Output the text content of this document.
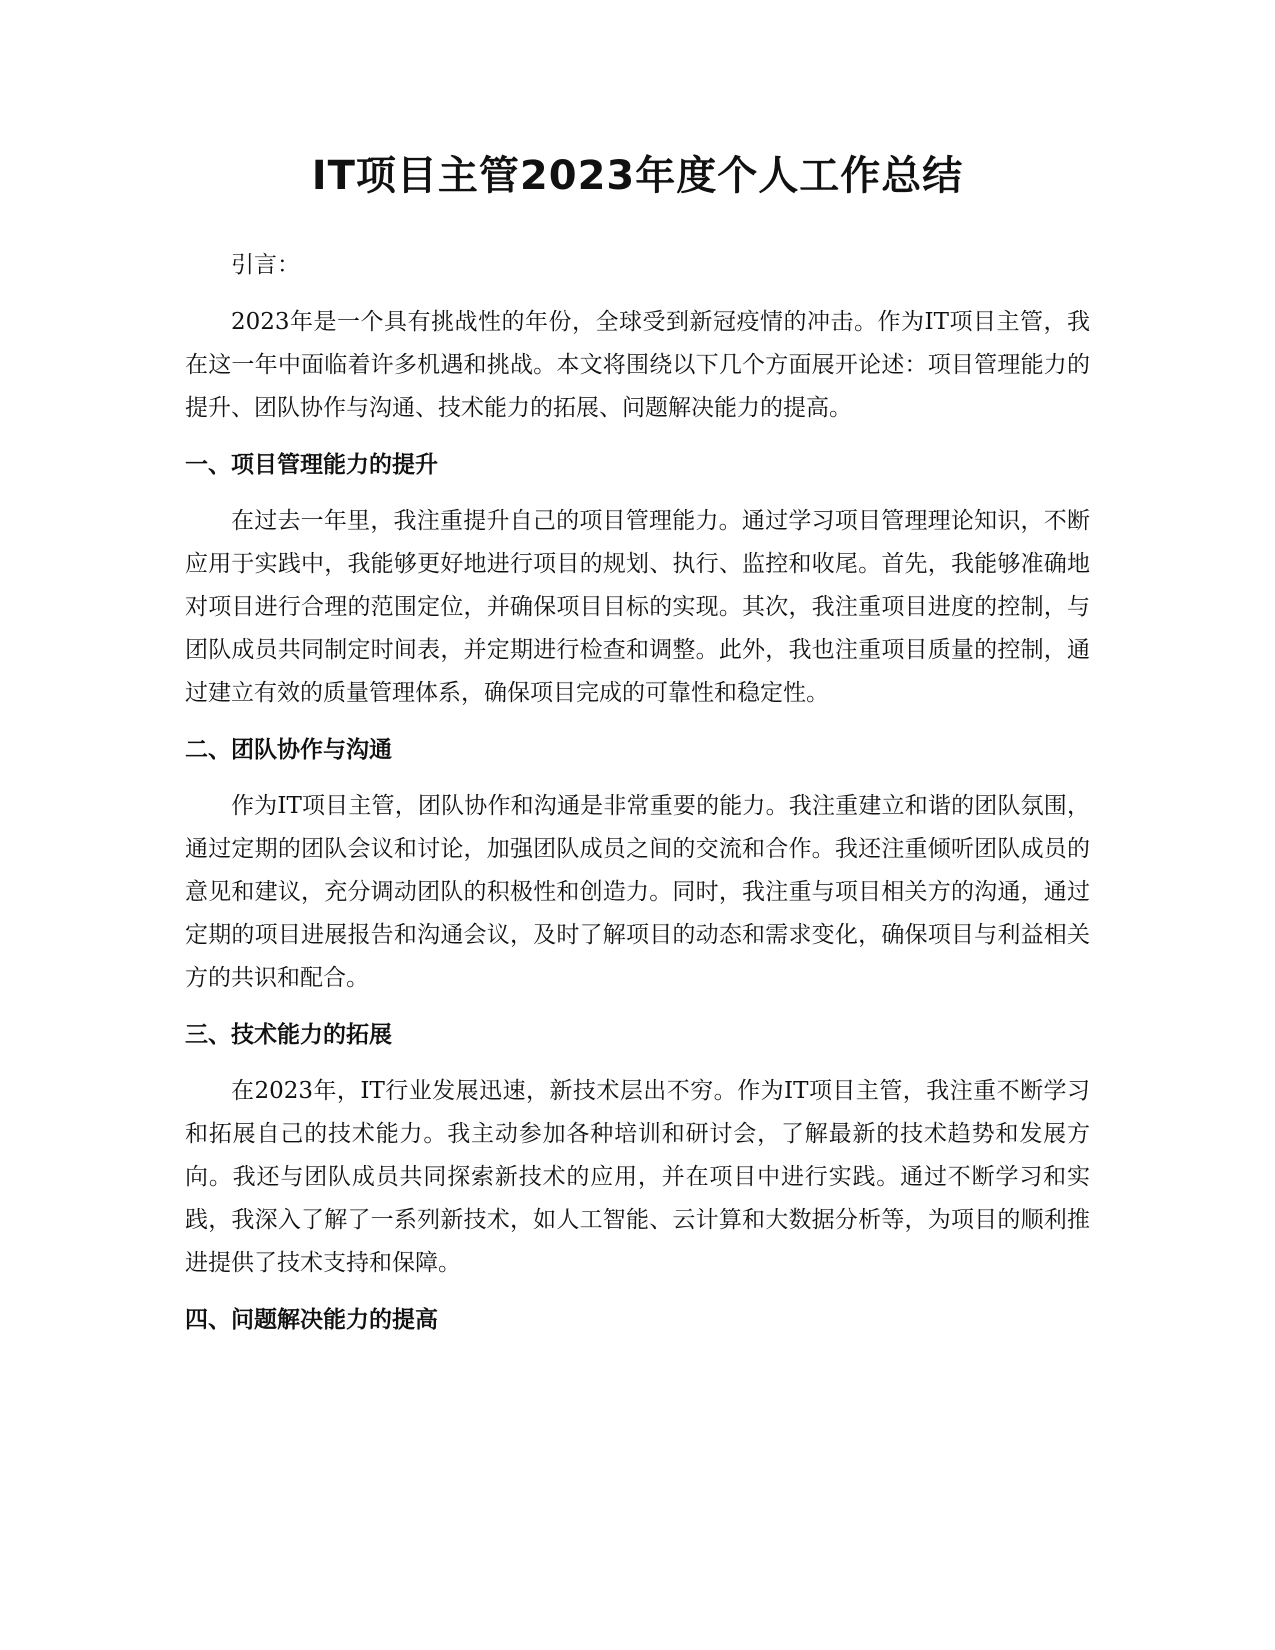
IT项目主管2023年度个人工作总结

引言：

2023年是一个具有挑战性的年份，全球受到新冠疫情的冲击。作为IT项目主管，我在这一年中面临着许多机遇和挑战。本文将围绕以下几个方面展开论述：项目管理能力的提升、团队协作与沟通、技术能力的拓展、问题解决能力的提高。

一、项目管理能力的提升

在过去一年里，我注重提升自己的项目管理能力。通过学习项目管理理论知识，不断应用于实践中，我能够更好地进行项目的规划、执行、监控和收尾。首先，我能够准确地对项目进行合理的范围定位，并确保项目目标的实现。其次，我注重项目进度的控制，与团队成员共同制定时间表，并定期进行检查和调整。此外，我也注重项目质量的控制，通过建立有效的质量管理体系，确保项目完成的可靠性和稳定性。

二、团队协作与沟通

作为IT项目主管，团队协作和沟通是非常重要的能力。我注重建立和谐的团队氛围，通过定期的团队会议和讨论，加强团队成员之间的交流和合作。我还注重倾听团队成员的意见和建议，充分调动团队的积极性和创造力。同时，我注重与项目相关方的沟通，通过定期的项目进展报告和沟通会议，及时了解项目的动态和需求变化，确保项目与利益相关方的共识和配合。

三、技术能力的拓展

在2023年，IT行业发展迅速，新技术层出不穷。作为IT项目主管，我注重不断学习和拓展自己的技术能力。我主动参加各种培训和研讨会，了解最新的技术趋势和发展方向。我还与团队成员共同探索新技术的应用，并在项目中进行实践。通过不断学习和实践，我深入了解了一系列新技术，如人工智能、云计算和大数据分析等，为项目的顺利推进提供了技术支持和保障。

四、问题解决能力的提高
